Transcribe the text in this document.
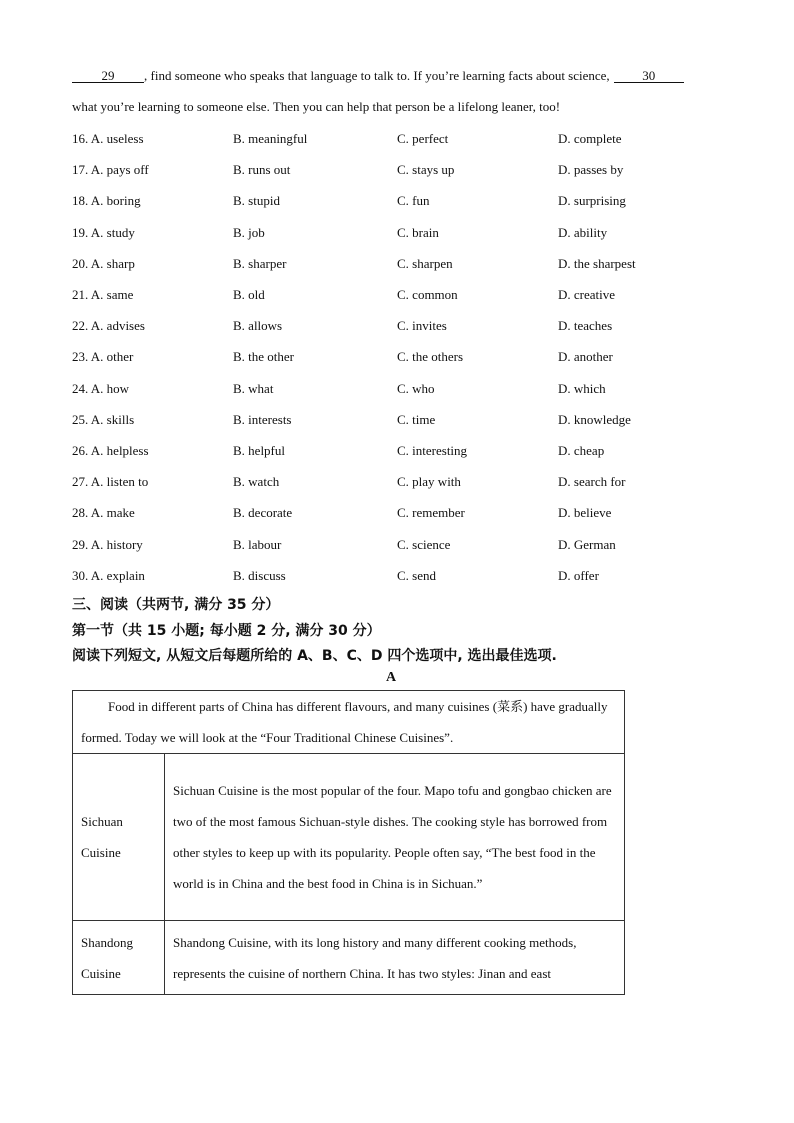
29 , find someone who speaks that language to talk to. If you’re learning facts about science,	30
what you’re learning to someone else. Then you can help that person be a lifelong leaner, too!
16. A. useless	B. meaningful	C. perfect	D. complete
17. A. pays off	B. runs out	C. stays up	D. passes by
18. A. boring	B. stupid	C. fun	D. surprising
19. A. study	B. job	C. brain	D. ability
20. A. sharp	B. sharper	C. sharpen	D. the sharpest
21. A. same	B. old	C. common	D. creative
22. A. advises	B. allows	C. invites	D. teaches
23. A. other	B. the other	C. the others	D. another
24. A. how	B. what	C. who	D. which
25. A. skills	B. interests	C. time	D. knowledge
26. A. helpless	B. helpful	C. interesting	D. cheap
27. A. listen to	B. watch	C. play with	D. search for
28. A. make	B. decorate	C. remember	D. believe
29. A. history	B. labour	C. science	D. German
30. A. explain	B. discuss	C. send	D. offer
三、阅读（共两节, 满分 35 分）
第一节（共 15 小题; 每小题 2 分, 满分 30 分）
阅读下列短文, 从短文后每题所给的 A、B、C、D 四个选项中, 选出最佳选项.
A

Food in different parts of China has different flavours, and many cuisines (菜系) have gradually formed. Today we will look at the “Four Traditional Chinese Cuisines”.	

Sichuan
Cuisine	Sichuan Cuisine is the most popular of the four. Mapo tofu and gongbao chicken are two of the most famous Sichuan-style dishes. The cooking style has borrowed from other styles to keep up with its popularity. People often say, “The best food in the world is in China and the best food in China is in Sichuan.”

Shandong
Cuisine	Shandong Cuisine, with its long history and many different cooking methods, represents the cuisine of northern China. It has two styles: Jinan and east
